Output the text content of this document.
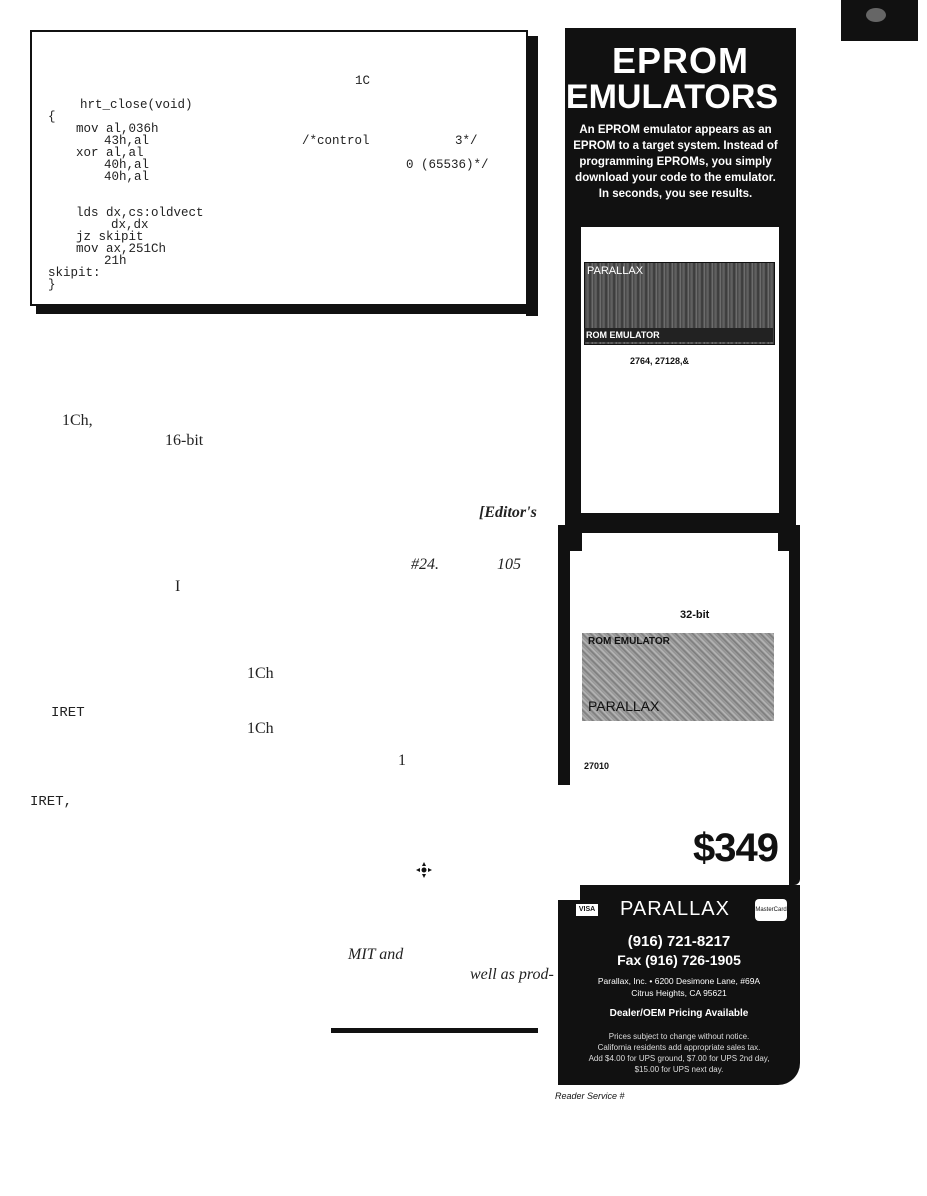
1C
hrt_close(void)
{
mov al,036h
43h,al	/*control	3*/
xor al,al
40h,al	0 (65536)*/
40h,al
lds dx,cs:oldvect
dx,dx
jz skipit
mov ax,251Ch
21h
skipit:
}
1Ch,
16-bit
[Editor's
#24.	105
I
1Ch
IRET
1Ch
1
IRET,
MIT and
well as prod-
EPROM
EMULATORS
An EPROM emulator appears as an
EPROM to a target system. Instead of
programming EPROMs, you simply
download your code to the emulator.
In seconds, you see results.
PARALLAX
ROM EMULATOR
2764, 27128,&
32-bit
ROM EMULATOR
PARALLAX
27010
$349
VISA PARALLAX	MasterCard
(916) 721-8217
Fax (916) 726-1905
Parallax, Inc. • 6200 Desimone Lane, #69A
Citrus Heights, CA 95621
Dealer/OEM Pricing Available
Prices subject to change without notice.
California residents add appropriate sales tax.
Add $4.00 for UPS ground, $7.00 for UPS 2nd day,
$15.00 for UPS next day.
Reader Service #
